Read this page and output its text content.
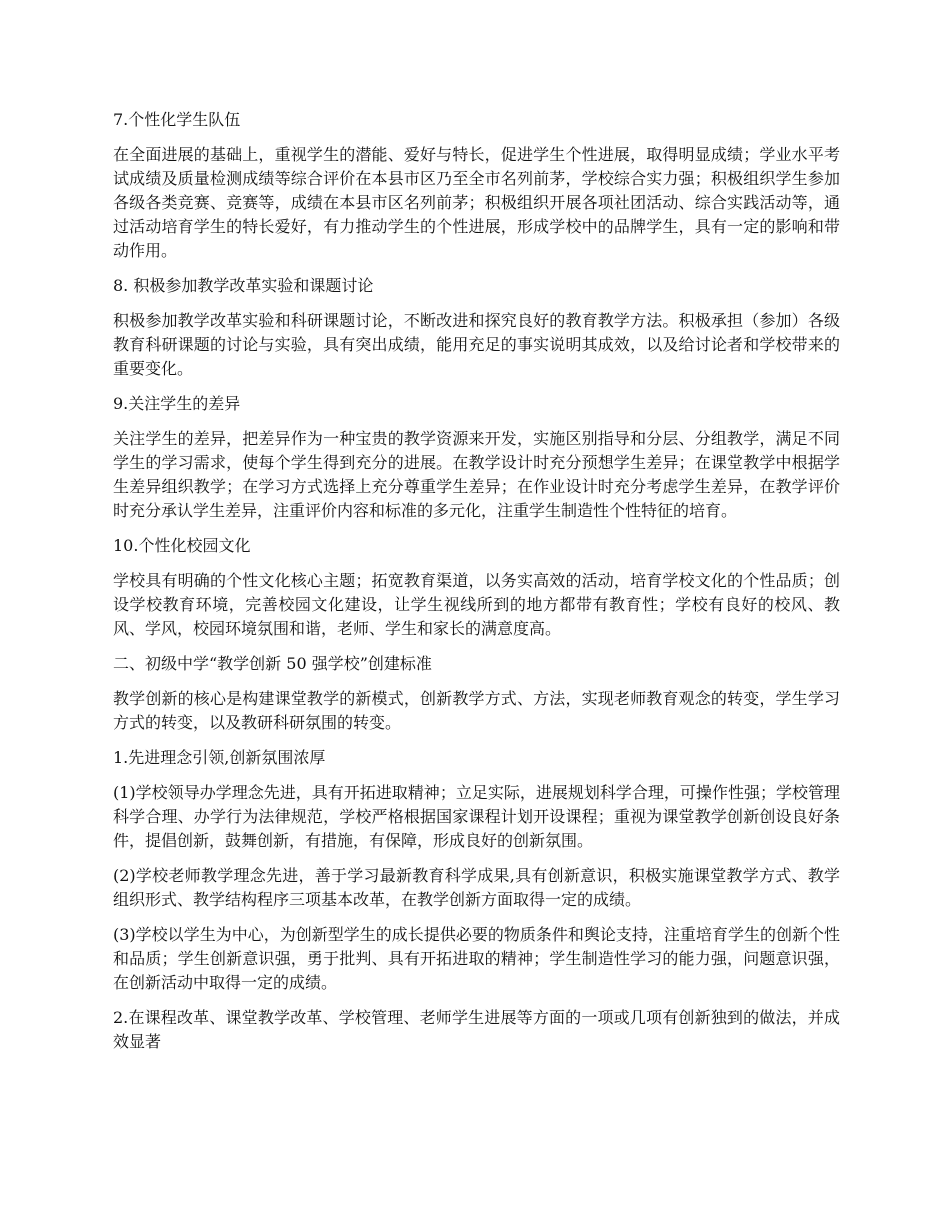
7.个性化学生队伍

在全面进展的基础上，重视学生的潜能、爱好与特长，促进学生个性进展，取得明显成绩；学业水平考试成绩及质量检测成绩等综合评价在本县市区乃至全市名列前茅，学校综合实力强；积极组织学生参加各级各类竞赛、竞赛等，成绩在本县市区名列前茅；积极组织开展各项社团活动、综合实践活动等，通过活动培育学生的特长爱好，有力推动学生的个性进展，形成学校中的品牌学生，具有一定的影响和带动作用。

8. 积极参加教学改革实验和课题讨论

积极参加教学改革实验和科研课题讨论，不断改进和探究良好的教育教学方法。积极承担（参加）各级教育科研课题的讨论与实验，具有突出成绩，能用充足的事实说明其成效，以及给讨论者和学校带来的重要变化。

9.关注学生的差异

关注学生的差异，把差异作为一种宝贵的教学资源来开发，实施区别指导和分层、分组教学，满足不同学生的学习需求，使每个学生得到充分的进展。在教学设计时充分预想学生差异；在课堂教学中根据学生差异组织教学；在学习方式选择上充分尊重学生差异；在作业设计时充分考虑学生差异，在教学评价时充分承认学生差异，注重评价内容和标准的多元化，注重学生制造性个性特征的培育。

10.个性化校园文化

学校具有明确的个性文化核心主题；拓宽教育渠道，以务实高效的活动，培育学校文化的个性品质；创设学校教育环境，完善校园文化建设，让学生视线所到的地方都带有教育性；学校有良好的校风、教风、学风，校园环境氛围和谐，老师、学生和家长的满意度高。

二、初级中学“教学创新 50 强学校”创建标准

教学创新的核心是构建课堂教学的新模式，创新教学方式、方法，实现老师教育观念的转变，学生学习方式的转变，以及教研科研氛围的转变。

1.先进理念引领,创新氛围浓厚

(1)学校领导办学理念先进，具有开拓进取精神；立足实际，进展规划科学合理，可操作性强；学校管理科学合理、办学行为法律规范，学校严格根据国家课程计划开设课程；重视为课堂教学创新创设良好条件，提倡创新，鼓舞创新，有措施，有保障，形成良好的创新氛围。

(2)学校老师教学理念先进，善于学习最新教育科学成果,具有创新意识，积极实施课堂教学方式、教学组织形式、教学结构程序三项基本改革，在教学创新方面取得一定的成绩。

(3)学校以学生为中心，为创新型学生的成长提供必要的物质条件和舆论支持，注重培育学生的创新个性和品质；学生创新意识强，勇于批判、具有开拓进取的精神；学生制造性学习的能力强，问题意识强，在创新活动中取得一定的成绩。

2.在课程改革、课堂教学改革、学校管理、老师学生进展等方面的一项或几项有创新独到的做法，并成效显著
